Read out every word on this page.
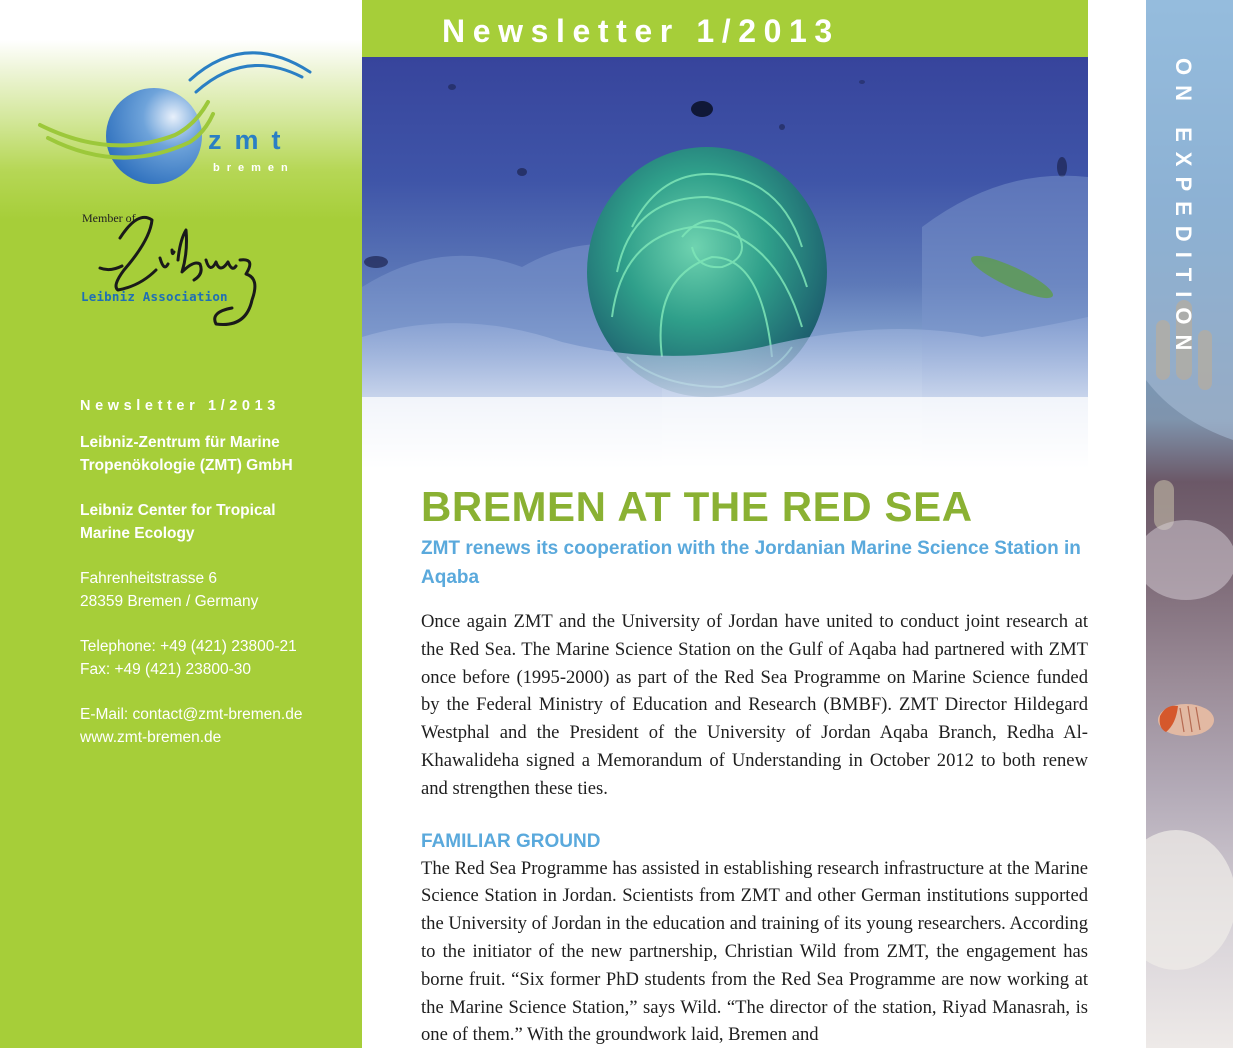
zmt
bremen
Member of
Leibniz Association
Newsletter 1/2013
Leibniz-Zentrum für Marine
Tropenökologie (ZMT) GmbH
Leibniz Center for Tropical
Marine Ecology
Fahrenheitstrasse 6
28359 Bremen / Germany
Telephone: +49 (421) 23800-21
Fax: +49 (421) 23800-30
E-Mail: contact@zmt-bremen.de
www.zmt-bremen.de
Newsletter 1/2013
BREMEN AT THE RED SEA
ZMT renews its cooperation with the Jordanian Marine Science Station in Aqaba

Once again ZMT and the University of Jordan have united to conduct joint research at the Red Sea. The Marine Science Station on the Gulf of Aqaba had partnered with ZMT once before (1995-2000) as part of the Red Sea Programme on Marine Science funded by the Federal Ministry of Education and Research (BMBF). ZMT Director Hildegard Westphal and the President of the University of Jordan Aqaba Branch, Redha Al-Khawalideha signed a Memorandum of Understanding in October 2012 to both renew and strengthen these ties.

FAMILIAR GROUND

The Red Sea Programme has assisted in establishing research infrastructure at the Marine Science Station in Jordan. Scientists from ZMT and other German institutions supported the University of Jordan in the education and training of its young researchers. According to the initiator of the new partnership, Christian Wild from ZMT, the engagement has borne fruit. “Six former PhD students from the Red Sea Programme are now working at the Marine Science Station,” says Wild. “The director of the station, Riyad Manasrah, is one of them.” With the groundwork laid, Bremen and

ON EXPEDITION
